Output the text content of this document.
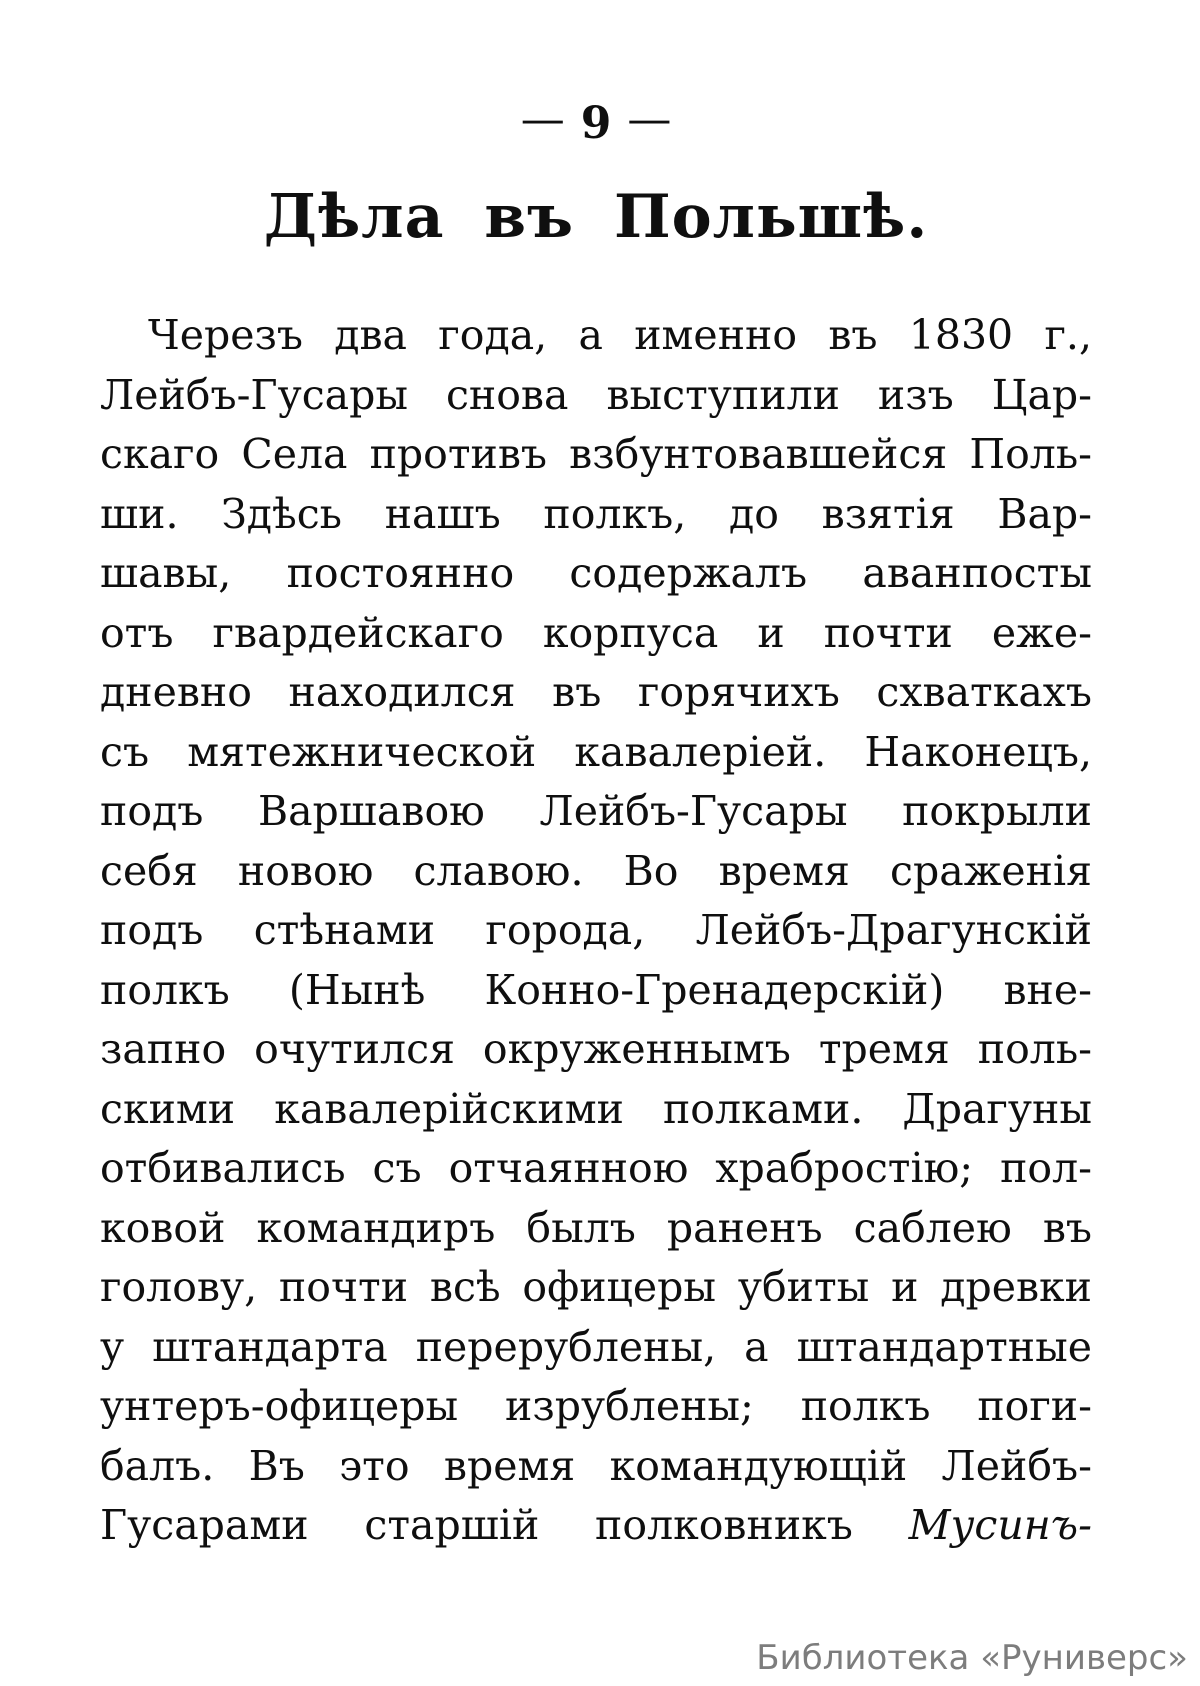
— 9 —
Дѣла въ Польшѣ.
Черезъ два года, а именно въ 1830 г.,
Лейбъ-Гусары снова выступили изъ Цар-
скаго Села противъ взбунтовавшейся Поль-
ши. Здѣсь нашъ полкъ, до взятія Вар-
шавы, постоянно содержалъ аванпосты
отъ гвардейскаго корпуса и почти еже-
дневно находился въ горячихъ схваткахъ
съ мятежнической кавалеріей. Наконецъ,
подъ Варшавою Лейбъ-Гусары покрыли
себя новою славою. Во время сраженія
подъ стѣнами города, Лейбъ-Драгунскій
полкъ (Нынѣ Конно-Гренадерскій) вне-
запно очутился окруженнымъ тремя поль-
скими кавалерійскими полками. Драгуны
отбивались съ отчаянною храбростію; пол-
ковой командиръ былъ раненъ саблею въ
голову, почти всѣ офицеры убиты и древки
у штандарта перерублены, а штандартные
унтеръ-офицеры изрублены; полкъ поги-
балъ. Въ это время командующій Лейбъ-
Гусарами старшій полковникъ Мусинъ-
Библиотека «Руниверс»
